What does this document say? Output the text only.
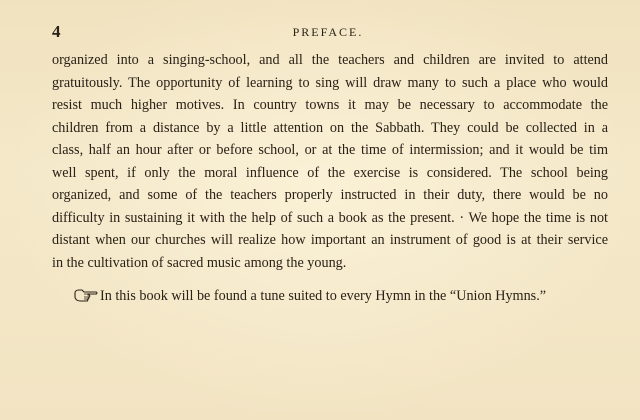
4	PREFACE.
organized into a singing-school, and all the teachers and children are invited to attend
gratuitously. The opportunity of learning to sing will draw many to such a place who would
resist much higher motives. In country towns it may be necessary to accommodate the
children from a distance by a little attention on the Sabbath. They could be collected in a
class, half an hour after or before school, or at the time of intermission; and it would be tim
well spent, if only the moral influence of the exercise is considered. The school being
organized, and some of the teachers properly instructed in their duty, there would be no
difficulty in sustaining it with the help of such a book as the present. · We hope the time is not
distant when our churches will realize how important an instrument of good is at their service
in the cultivation of sacred music among the young.
In this book will be found a tune suited to every Hymn in the “Union Hymns.”
